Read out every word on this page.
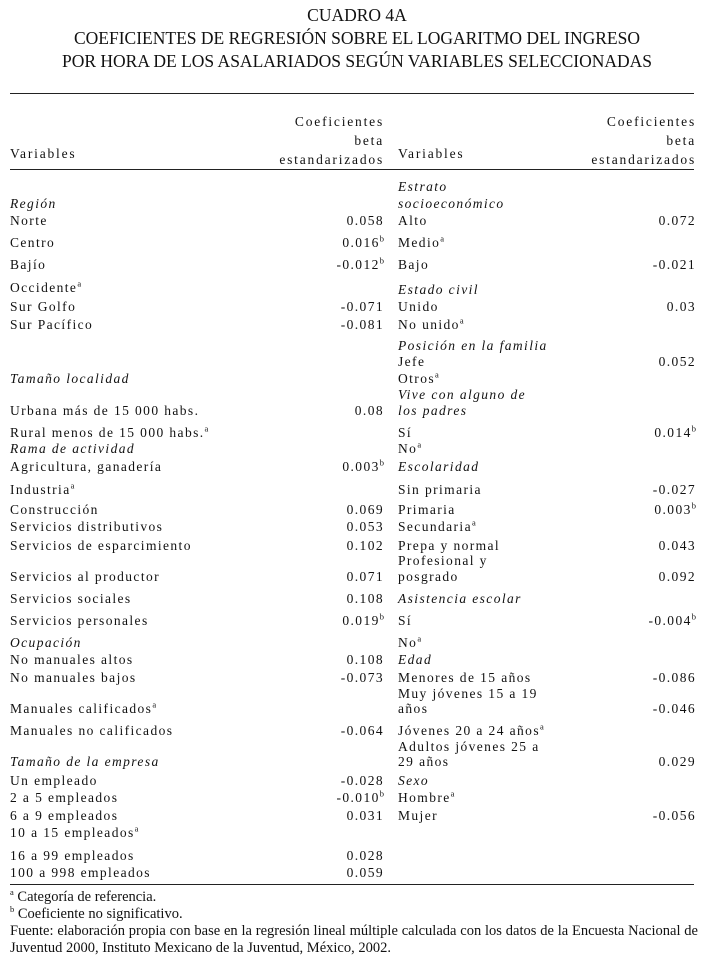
CUADRO 4A
COEFICIENTES DE REGRESIÓN SOBRE EL LOGARITMO DEL INGRESO
POR HORA DE LOS ASALARIADOS SEGÚN VARIABLES SELECCIONADAS
Coeficientes
beta
estandarizados
Variables
Coeficientes
beta
estandarizados
Variables
Región
Norte	0.058
Centro	0.016$^b$
Bajío	-0.012$^b$
Occidente$^a$
Sur Golfo	-0.071
Sur Pacífico	-0.081
Tamaño localidad
Urbana más de 15 000 habs.	0.08
Rural menos de 15 000 habs.$^a$
Rama de actividad
Agricultura, ganadería	0.003$^b$
Industria$^a$
Construcción	0.069
Servicios distributivos	0.053
Servicios de esparcimiento	0.102
Servicios al productor	0.071
Servicios sociales	0.108
Servicios personales	0.019$^b$
Ocupación
No manuales altos	0.108
No manuales bajos	-0.073
Manuales calificados$^a$
Manuales no calificados	-0.064
Tamaño de la empresa
Un empleado	-0.028
2 a 5 empleados	-0.010$^b$
6 a 9 empleados	0.031
10 a 15 empleados$^a$
16 a 99 empleados	0.028
100 a 998 empleados	0.059
Estrato
socioeconómico
Alto	0.072
Medio$^a$
Bajo	-0.021
Estado civil
Unido	0.03
No unido$^a$
Posición en la familia
Jefe	0.052
Otros$^a$
Vive con alguno de
los padres
Sí	0.014$^b$
No$^a$
Escolaridad
Sin primaria	-0.027
Primaria	0.003$^b$
Secundaria$^a$
Prepa y normal	0.043
Profesional y
posgrado	0.092
Asistencia escolar
Sí	-0.004$^b$
No$^a$
Edad
Menores de 15 años	-0.086
Muy jóvenes 15 a 19
años	-0.046
Jóvenes 20 a 24 años$^a$
Adultos jóvenes 25 a
29 años	0.029
Sexo
Hombre$^a$
Mujer	-0.056
$^a$ Categoría de referencia.
$^b$ Coeficiente no significativo.
Fuente: elaboración propia con base en la regresión lineal múltiple calculada con los datos de la Encuesta Nacional de Juventud 2000, Instituto Mexicano de la Juventud, México, 2002.
